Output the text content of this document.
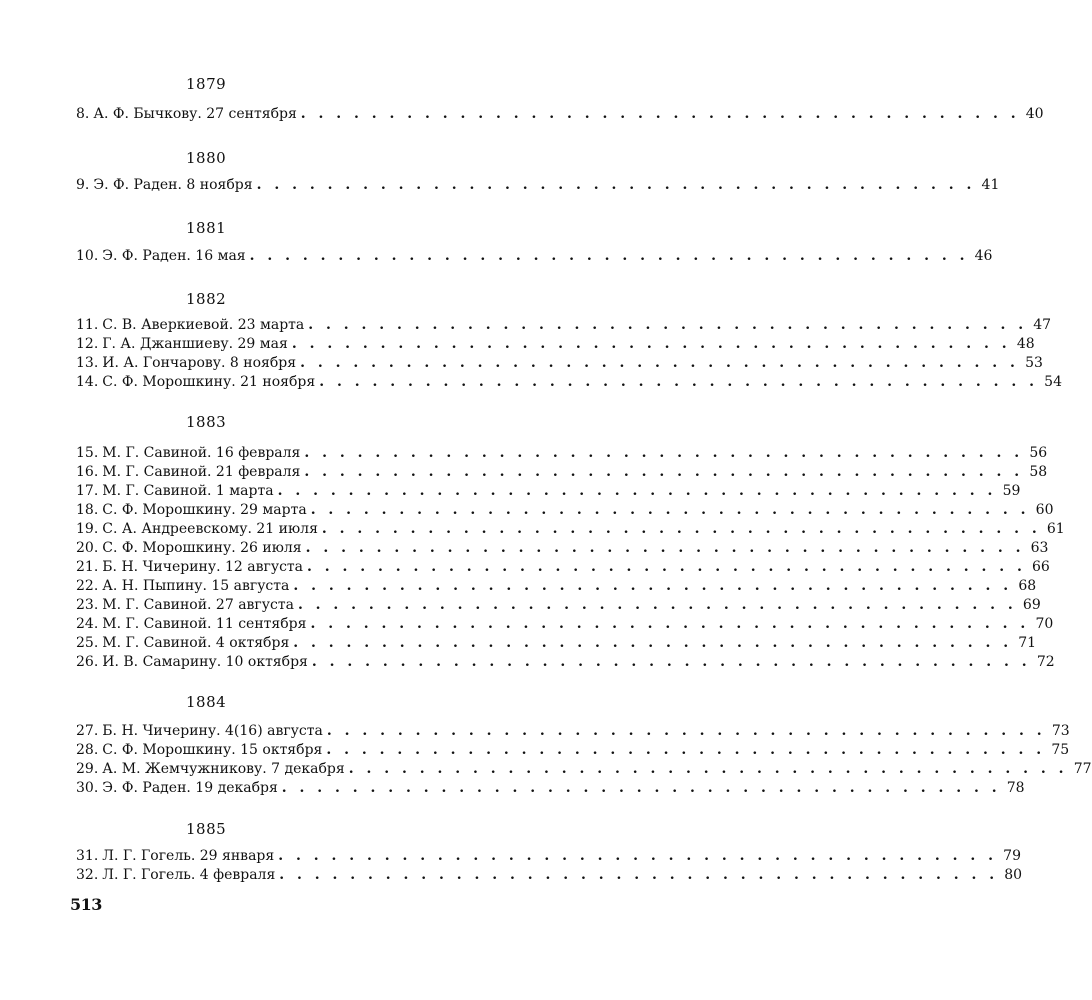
1879
8. А. Ф. Бычкову. 27 сентября . . . . . . . . . . . . . . . . . . . . . . . . . . . . . . . . . . . . . . . . . 40
1880
9. Э. Ф. Раден. 8 ноября . . . . . . . . . . . . . . . . . . . . . . . . . . . . . . . . . . . . . . . . . 41
1881
10. Э. Ф. Раден. 16 мая . . . . . . . . . . . . . . . . . . . . . . . . . . . . . . . . . . . . . . . . . 46
1882
11. С. В. Аверкиевой. 23 марта . . . . . . . . . . . . . . . . . . . . . . . . . . . . . . . . . . . . . . . . . 47
12. Г. А. Джаншиеву. 29 мая . . . . . . . . . . . . . . . . . . . . . . . . . . . . . . . . . . . . . . . . . 48
13. И. А. Гончарову. 8 ноября . . . . . . . . . . . . . . . . . . . . . . . . . . . . . . . . . . . . . . . . . 53
14. С. Ф. Морошкину. 21 ноября . . . . . . . . . . . . . . . . . . . . . . . . . . . . . . . . . . . . . . . . . 54
1883
15. М. Г. Савиной. 16 февраля . . . . . . . . . . . . . . . . . . . . . . . . . . . . . . . . . . . . . . . . . 56
16. М. Г. Савиной. 21 февраля . . . . . . . . . . . . . . . . . . . . . . . . . . . . . . . . . . . . . . . . . 58
17. М. Г. Савиной. 1 марта . . . . . . . . . . . . . . . . . . . . . . . . . . . . . . . . . . . . . . . . . 59
18. С. Ф. Морошкину. 29 марта . . . . . . . . . . . . . . . . . . . . . . . . . . . . . . . . . . . . . . . . . 60
19. С. А. Андреевскому. 21 июля . . . . . . . . . . . . . . . . . . . . . . . . . . . . . . . . . . . . . . . . . 61
20. С. Ф. Морошкину. 26 июля . . . . . . . . . . . . . . . . . . . . . . . . . . . . . . . . . . . . . . . . . 63
21. Б. Н. Чичерину. 12 августа . . . . . . . . . . . . . . . . . . . . . . . . . . . . . . . . . . . . . . . . . 66
22. А. Н. Пыпину. 15 августа . . . . . . . . . . . . . . . . . . . . . . . . . . . . . . . . . . . . . . . . . 68
23. М. Г. Савиной. 27 августа . . . . . . . . . . . . . . . . . . . . . . . . . . . . . . . . . . . . . . . . . 69
24. М. Г. Савиной. 11 сентября . . . . . . . . . . . . . . . . . . . . . . . . . . . . . . . . . . . . . . . . . 70
25. М. Г. Савиной. 4 октября . . . . . . . . . . . . . . . . . . . . . . . . . . . . . . . . . . . . . . . . . 71
26. И. В. Самарину. 10 октября . . . . . . . . . . . . . . . . . . . . . . . . . . . . . . . . . . . . . . . . . 72
1884
27. Б. Н. Чичерину. 4(16) августа . . . . . . . . . . . . . . . . . . . . . . . . . . . . . . . . . . . . . . . . . 73
28. С. Ф. Морошкину. 15 октября . . . . . . . . . . . . . . . . . . . . . . . . . . . . . . . . . . . . . . . . . 75
29. А. М. Жемчужникову. 7 декабря . . . . . . . . . . . . . . . . . . . . . . . . . . . . . . . . . . . . . . . . . 77
30. Э. Ф. Раден. 19 декабря . . . . . . . . . . . . . . . . . . . . . . . . . . . . . . . . . . . . . . . . . 78
1885
31. Л. Г. Гогель. 29 января . . . . . . . . . . . . . . . . . . . . . . . . . . . . . . . . . . . . . . . . . 79
32. Л. Г. Гогель. 4 февраля . . . . . . . . . . . . . . . . . . . . . . . . . . . . . . . . . . . . . . . . . 80
513
